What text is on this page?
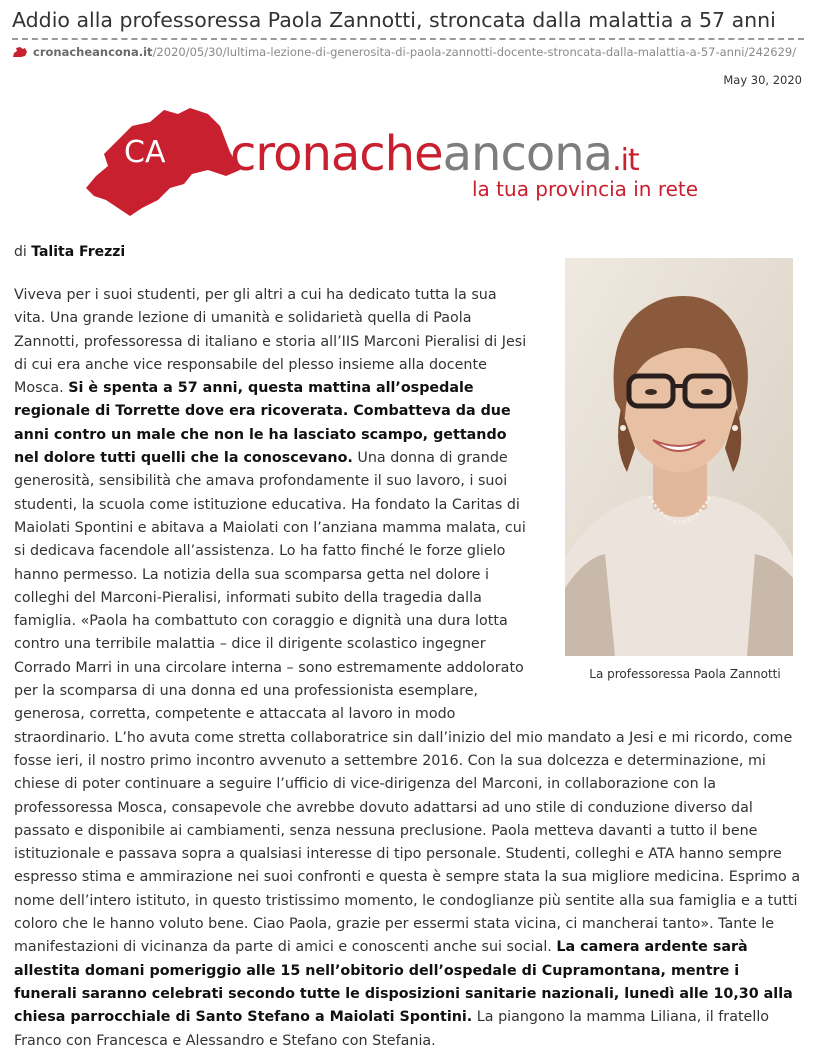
Addio alla professoressa Paola Zannotti, stroncata dalla malattia a 57 anni
cronacheancona.it/2020/05/30/lultima-lezione-di-generosita-di-paola-zannotti-docente-stroncata-dalla-malattia-a-57-anni/242629/
May 30, 2020
CA cronacheancona.it
la tua provincia in rete
di Talita Frezzi
La professoressa Paola Zannotti

Viveva per i suoi studenti, per gli altri a cui ha dedicato tutta la sua vita. Una grande lezione di umanità e solidarietà quella di Paola Zannotti, professoressa di italiano e storia all’IIS Marconi Pieralisi di Jesi di cui era anche vice responsabile del plesso insieme alla docente Mosca. Si è spenta a 57 anni, questa mattina all’ospedale regionale di Torrette dove era ricoverata. Combatteva da due anni contro un male che non le ha lasciato scampo, gettando nel dolore tutti quelli che la conoscevano. Una donna di grande generosità, sensibilità che amava profondamente il suo lavoro, i suoi studenti, la scuola come istituzione educativa. Ha fondato la Caritas di Maiolati Spontini e abitava a Maiolati con l’anziana mamma malata, cui si dedicava facendole all’assistenza. Lo ha fatto finché le forze glielo hanno permesso. La notizia della sua scomparsa getta nel dolore i colleghi del Marconi-Pieralisi, informati subito della tragedia dalla famiglia. «Paola ha combattuto con coraggio e dignità una dura lotta contro una terribile malattia – dice il dirigente scolastico ingegner Corrado Marri in una circolare interna – sono estremamente addolorato per la scomparsa di una donna ed una professionista esemplare, generosa, corretta, competente e attaccata al lavoro in modo straordinario. L’ho avuta come stretta collaboratrice sin dall’inizio del mio mandato a Jesi e mi ricordo, come fosse ieri, il nostro primo incontro avvenuto a settembre 2016. Con la sua dolcezza e determinazione, mi chiese di poter continuare a seguire l’ufficio di vice-dirigenza del Marconi, in collaborazione con la professoressa Mosca, consapevole che avrebbe dovuto adattarsi ad uno stile di conduzione diverso dal passato e disponibile ai cambiamenti, senza nessuna preclusione. Paola metteva davanti a tutto il bene istituzionale e passava sopra a qualsiasi interesse di tipo personale. Studenti, colleghi e ATA hanno sempre espresso stima e ammirazione nei suoi confronti e questa è sempre stata la sua migliore medicina. Esprimo a nome dell’intero istituto, in questo tristissimo momento, le condoglianze più sentite alla sua famiglia e a tutti coloro che le hanno voluto bene. Ciao Paola, grazie per essermi stata vicina, ci mancherai tanto». Tante le manifestazioni di vicinanza da parte di amici e conoscenti anche sui social. La camera ardente sarà allestita domani pomeriggio alle 15 nell’obitorio dell’ospedale di Cupramontana, mentre i funerali saranno celebrati secondo tutte le disposizioni sanitarie nazionali, lunedì alle 10,30 alla chiesa parrocchiale di Santo Stefano a Maiolati Spontini. La piangono la mamma Liliana, il fratello Franco con Francesca e Alessandro e Stefano con Stefania.
